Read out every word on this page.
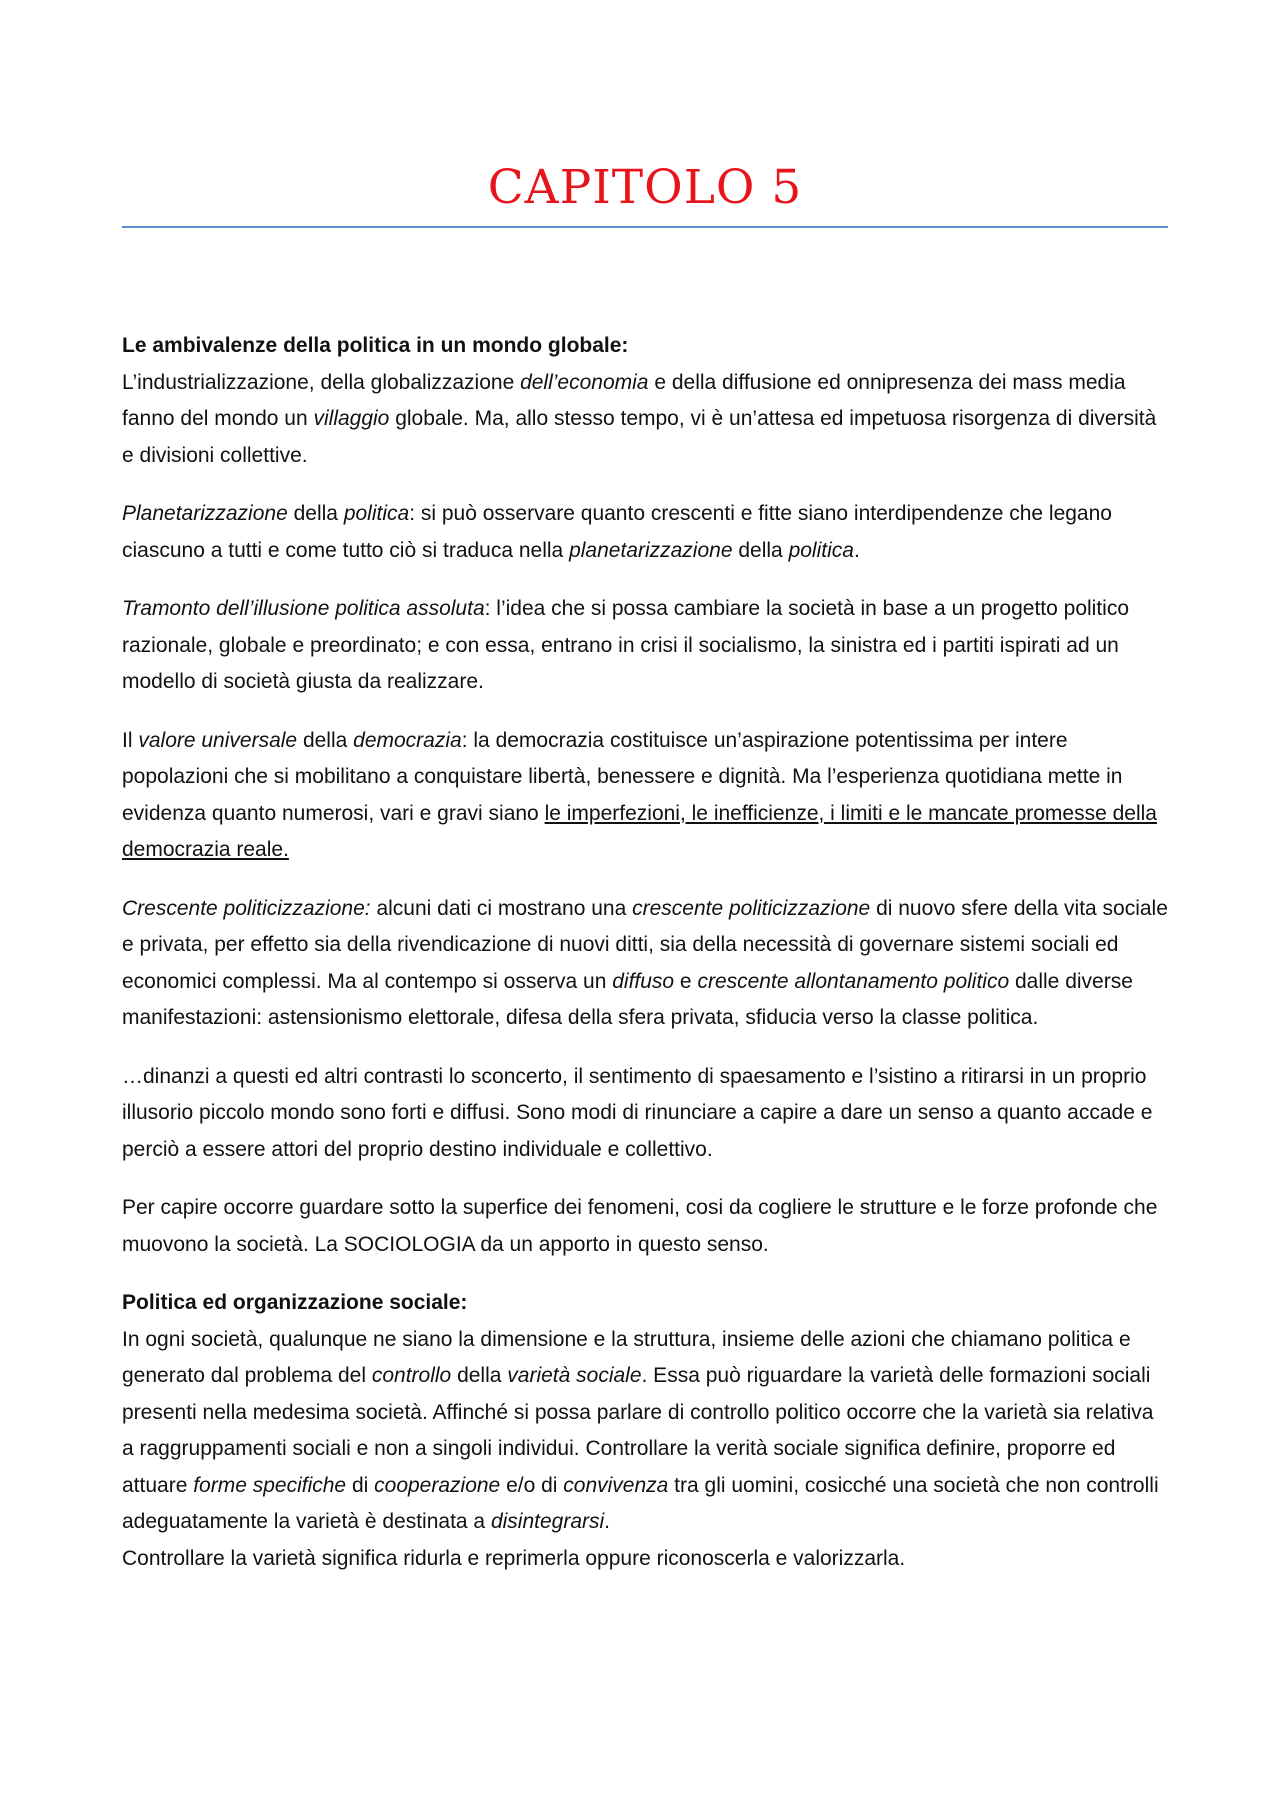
CAPITOLO 5
Le ambivalenze della politica in un mondo globale:

L’industrializzazione, della globalizzazione dell’economia e della diffusione ed onnipresenza dei mass media fanno del mondo un villaggio globale. Ma, allo stesso tempo, vi è un’attesa ed impetuosa risorgenza di diversità e divisioni collettive.

Planetarizzazione della politica: si può osservare quanto crescenti e fitte siano interdipendenze che legano ciascuno a tutti e come tutto ciò si traduca nella planetarizzazione della politica.

Tramonto dell’illusione politica assoluta: l’idea che si possa cambiare la società in base a un progetto politico razionale, globale e preordinato; e con essa, entrano in crisi il socialismo, la sinistra ed i partiti ispirati ad un modello di società giusta da realizzare.

Il valore universale della democrazia: la democrazia costituisce un’aspirazione potentissima per intere popolazioni che si mobilitano a conquistare libertà, benessere e dignità. Ma l’esperienza quotidiana mette in evidenza quanto numerosi, vari e gravi siano le imperfezioni, le inefficienze, i limiti e le mancate promesse della democrazia reale.

Crescente politicizzazione: alcuni dati ci mostrano una crescente politicizzazione di nuovo sfere della vita sociale e privata, per effetto sia della rivendicazione di nuovi ditti, sia della necessità di governare sistemi sociali ed economici complessi. Ma al contempo si osserva un diffuso e crescente allontanamento politico dalle diverse manifestazioni: astensionismo elettorale, difesa della sfera privata, sfiducia verso la classe politica.

…dinanzi a questi ed altri contrasti lo sconcerto, il sentimento di spaesamento e l’sistino a ritirarsi in un proprio illusorio piccolo mondo sono forti e diffusi. Sono modi di rinunciare a capire a dare un senso a quanto accade e perciò a essere attori del proprio destino individuale e collettivo.

Per capire occorre guardare sotto la superfice dei fenomeni, cosi da cogliere le strutture e le forze profonde che muovono la società. La SOCIOLOGIA da un apporto in questo senso.

Politica ed organizzazione sociale:

In ogni società, qualunque ne siano la dimensione e la struttura, insieme delle azioni che chiamano politica e generato dal problema del controllo della varietà sociale. Essa può riguardare la varietà delle formazioni sociali presenti nella medesima società. Affinché si possa parlare di controllo politico occorre che la varietà sia relativa a raggruppamenti sociali e non a singoli individui. Controllare la verità sociale significa definire, proporre ed attuare forme specifiche di cooperazione e/o di convivenza tra gli uomini, cosicché una società che non controlli adeguatamente la varietà è destinata a disintegrarsi.

Controllare la varietà significa ridurla e reprimerla oppure riconoscerla e valorizzarla.
